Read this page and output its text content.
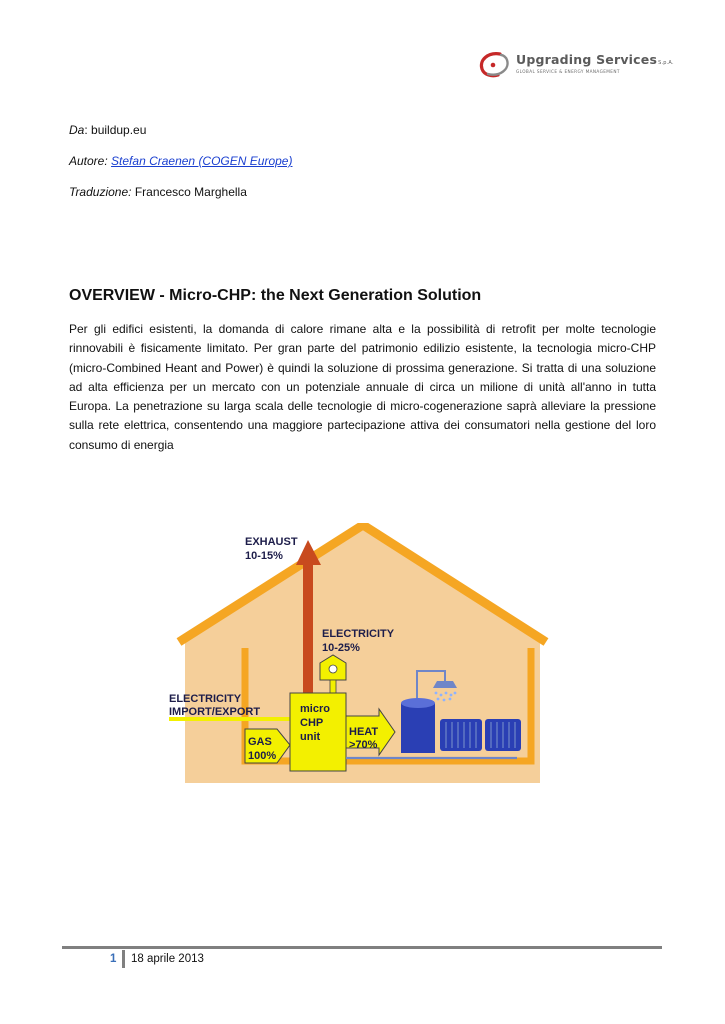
Upgrading ServicesS.p.A.
GLOBAL SERVICE & ENERGY MANAGEMENT
Da: buildup.eu
Autore: Stefan Craenen (COGEN Europe)
Traduzione: Francesco Marghella
OVERVIEW - Micro-CHP: the Next Generation Solution

Per gli edifici esistenti, la domanda di calore rimane alta e la possibilità di retrofit per molte tecnologie rinnovabili è fisicamente limitato. Per gran parte del patrimonio edilizio esistente, la tecnologia micro-CHP (micro-Combined Heant and Power) è quindi la soluzione di prossima generazione. Si tratta di una soluzione ad alta efficienza per un mercato con un potenziale annuale di circa un milione di unità all'anno in tutta Europa. La penetrazione su larga scala delle tecnologie di micro-cogenerazione saprà alleviare la pressione sulla rete elettrica, consentendo una maggiore partecipazione attiva dei consumatori nella gestione del loro consumo di energia

EXHAUST
10-15%
ELECTRICITY
10-25%
ELECTRICITY
IMPORT/EXPORT	micro
CHP
unit
GAS
100%
HEAT
>70%
1 18 aprile 2013
